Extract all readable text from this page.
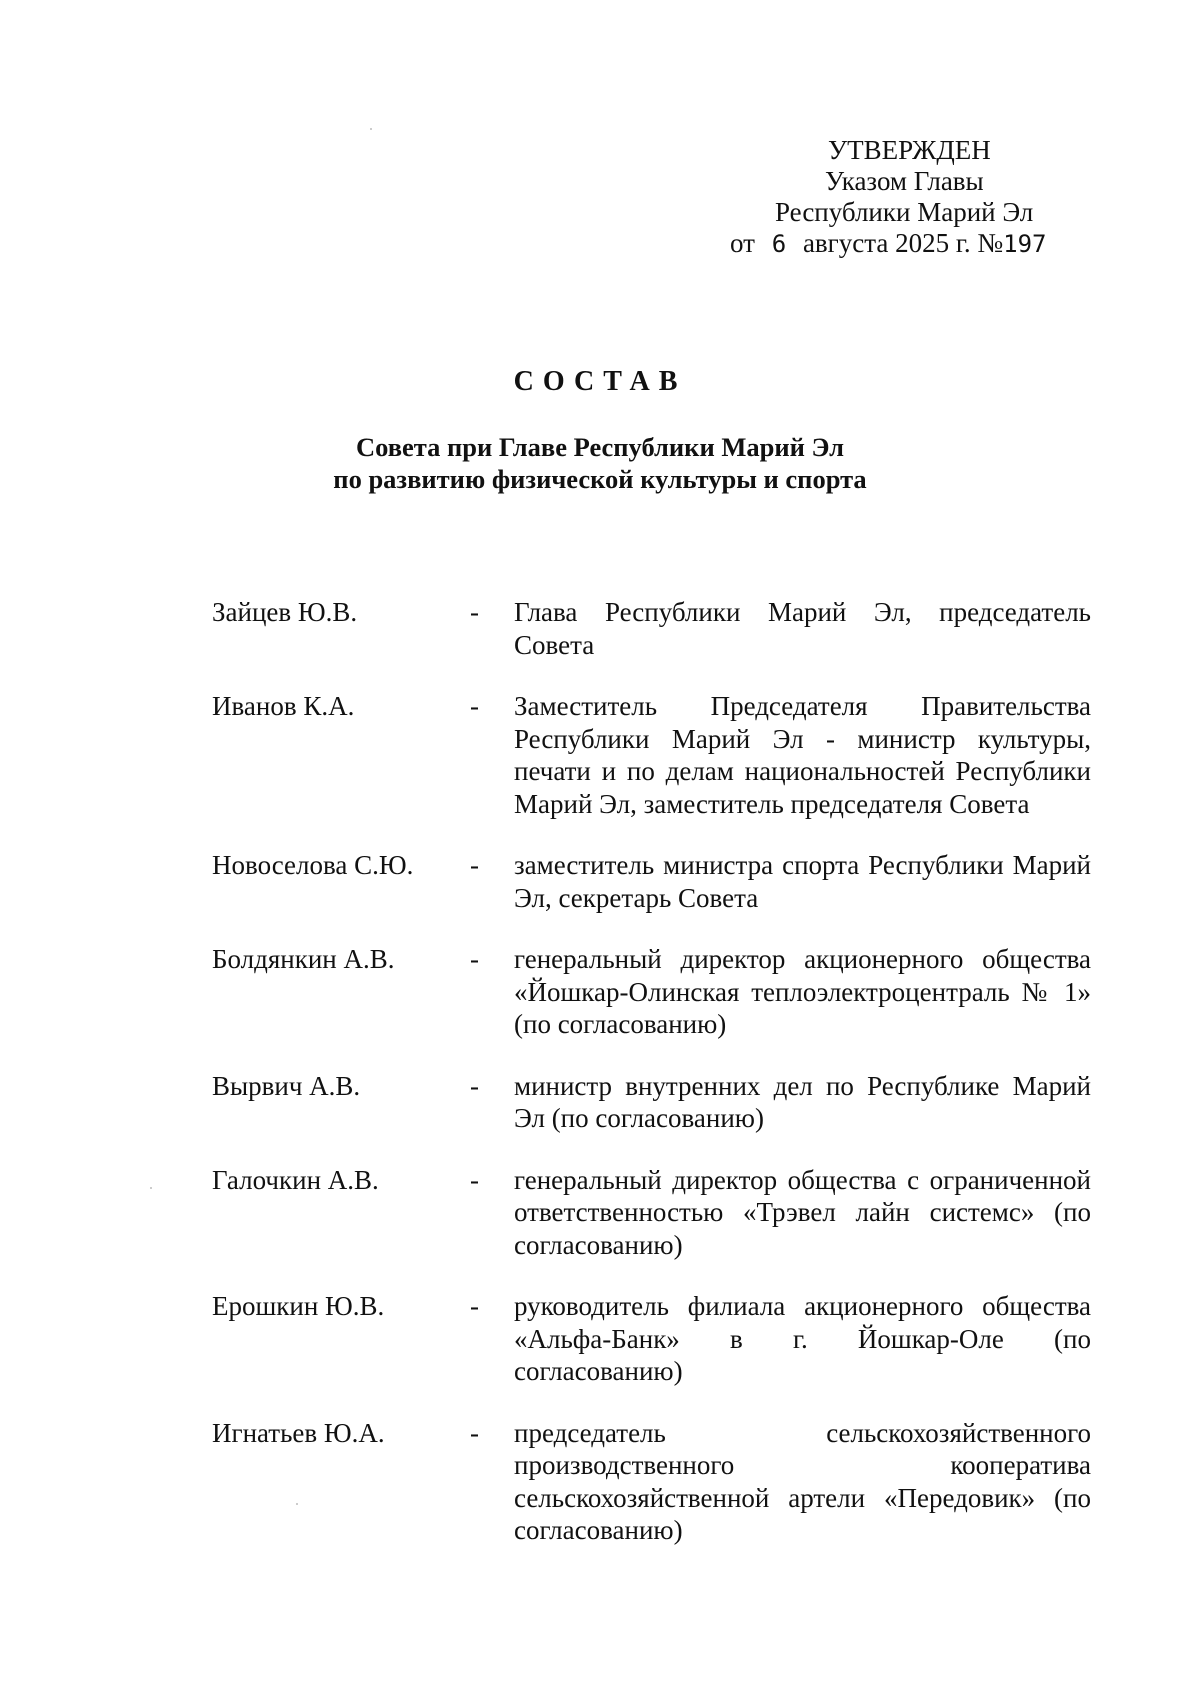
УТВЕРЖДЕН
Указом Главы
Республики Марий Эл
от 6 августа 2025 г. №197
СОСТАВ
Совета при Главе Республики Марий Эл
по развитию физической культуры и спорта
Зайцев Ю.В.	- Глава Республики Марий Эл, председатель Совета
Иванов К.А.	- Заместитель Председателя Правительства Республики Марий Эл - министр культуры, печати и по делам национальностей Республики Марий Эл, заместитель председателя Совета
Новоселова С.Ю. - заместитель министра спорта Республики Марий Эл, секретарь Совета
Болдянкин А.В.	- генеральный директор акционерного общества «Йошкар-Олинская теплоэлектроцентраль № 1» (по согласованию)
Вырвич А.В.	- министр внутренних дел по Республике Марий Эл (по согласованию)
Галочкин А.В.	- генеральный директор общества с ограниченной ответственностью «Трэвел лайн системс» (по согласованию)
Ерошкин Ю.В.	- руководитель филиала акционерного общества «Альфа-Банк» в г. Йошкар-Оле (по согласованию)
Игнатьев Ю.А.	- председатель сельскохозяйственного производственного кооператива сельскохозяйственной артели «Передовик» (по согласованию)
